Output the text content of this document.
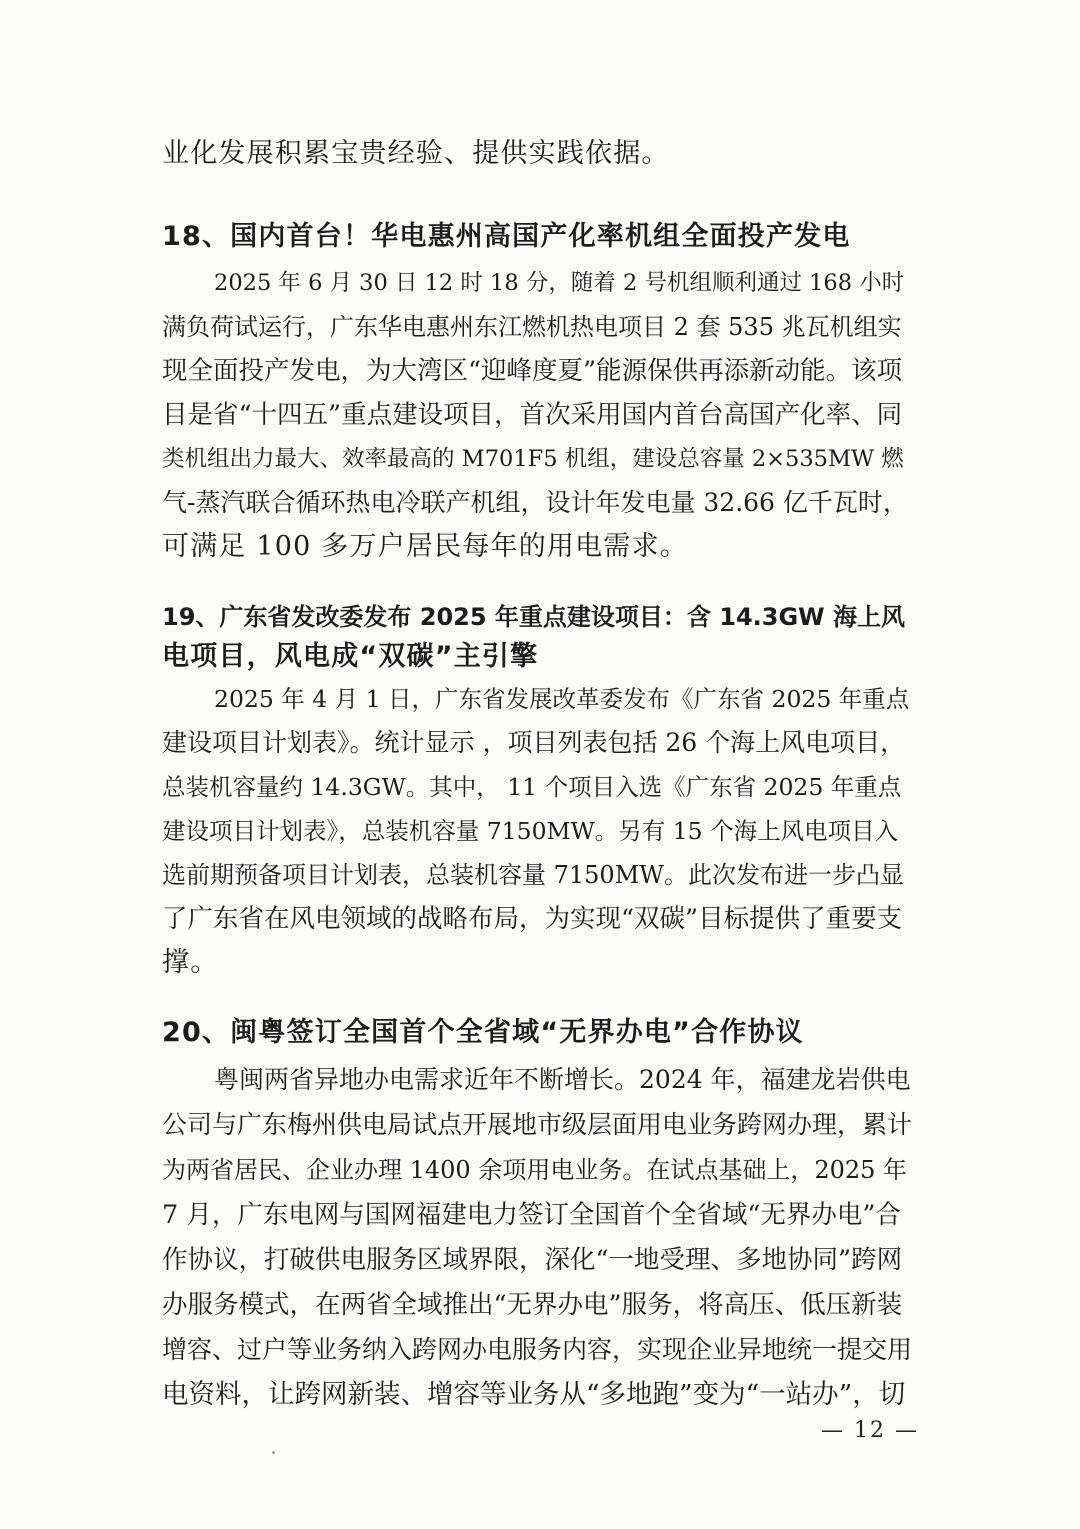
业化发展积累宝贵经验、提供实践依据。
18、国内首台！华电惠州高国产化率机组全面投产发电
2025 年 6 月 30 日 12 时 18 分，随着 2 号机组顺利通过 168 小时
满负荷试运行，广东华电惠州东江燃机热电项目 2 套 535 兆瓦机组实
现全面投产发电，为大湾区“迎峰度夏”能源保供再添新动能。该项
目是省“十四五”重点建设项目，首次采用国内首台高国产化率、同
类机组出力最大、效率最高的 M701F5 机组，建设总容量 2×535MW 燃
气-蒸汽联合循环热电冷联产机组，设计年发电量 32.66 亿千瓦时，
可满足 100 多万户居民每年的用电需求。
19、广东省发改委发布 2025 年重点建设项目：含 14.3GW 海上风
电项目，风电成“双碳”主引擎
2025 年 4 月 1 日，广东省发展改革委发布《广东省 2025 年重点
建设项目计划表》。统计显示 ，项目列表包括 26 个海上风电项目，
总装机容量约 14.3GW。其中， 11 个项目入选《广东省 2025 年重点
建设项目计划表》，总装机容量 7150MW。另有 15 个海上风电项目入
选前期预备项目计划表，总装机容量 7150MW。此次发布进一步凸显
了广东省在风电领域的战略布局，为实现“双碳”目标提供了重要支
撑。
20、闽粤签订全国首个全省域“无界办电”合作协议
粤闽两省异地办电需求近年不断增长。2024 年，福建龙岩供电
公司与广东梅州供电局试点开展地市级层面用电业务跨网办理，累计
为两省居民、企业办理 1400 余项用电业务。在试点基础上，2025 年
7 月，广东电网与国网福建电力签订全国首个全省域“无界办电”合
作协议，打破供电服务区域界限，深化“一地受理、多地协同”跨网
办服务模式，在两省全域推出“无界办电”服务，将高压、低压新装
增容、过户等业务纳入跨网办电服务内容，实现企业异地统一提交用
电资料，让跨网新装、增容等业务从“多地跑”变为“一站办”，切
— 12 —
